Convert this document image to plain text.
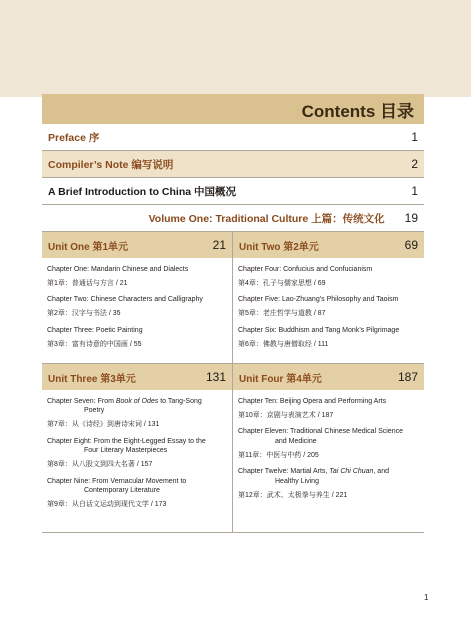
Contents 目录
Preface 序	1
Compiler’s Note 编写说明	2
A Brief Introduction to China 中国概况	1
Volume One: Traditional Culture 上篇：传统文化 19
Unit One 第1单元	21
Chapter One: Mandarin Chinese and Dialects
第1章：普通话与方言 / 21
Chapter Two: Chinese Characters and Calligraphy
第2章：汉字与书法 / 35
Chapter Three: Poetic Painting
第3章：富有诗意的中国画 / 55
Unit Two 第2单元	69
Chapter Four: Confucius and Confucianism
第4章：孔子与儒家思想 / 69
Chapter Five: Lao-Zhuang’s Philosophy and Taoism
第5章：老庄哲学与道教 / 87
Chapter Six: Buddhism and Tang Monk’s Pilgrimage
第6章：佛教与唐僧取经 / 111
Unit Three 第3单元	131
Chapter Seven: From Book of Odes to Tang-Song
Poetry
第7章：从《诗经》到唐诗宋词 / 131
Chapter Eight: From the Eight-Legged Essay to the
Four Literary Masterpieces
第8章：从八股文到四大名著 / 157
Chapter Nine: From Vernacular Movement to
Contemporary Literature
第9章：从白话文运动到现代文学 / 173
Unit Four 第4单元	187
Chapter Ten: Beijing Opera and Performing Arts
第10章：京剧与表演艺术 / 187
Chapter Eleven: Traditional Chinese Medical Science
and Medicine
第11章：中医与中药 / 205
Chapter Twelve: Martial Arts, Tai Chi Chuan, and
Healthy Living
第12章：武术、太极拳与养生 / 221
1
